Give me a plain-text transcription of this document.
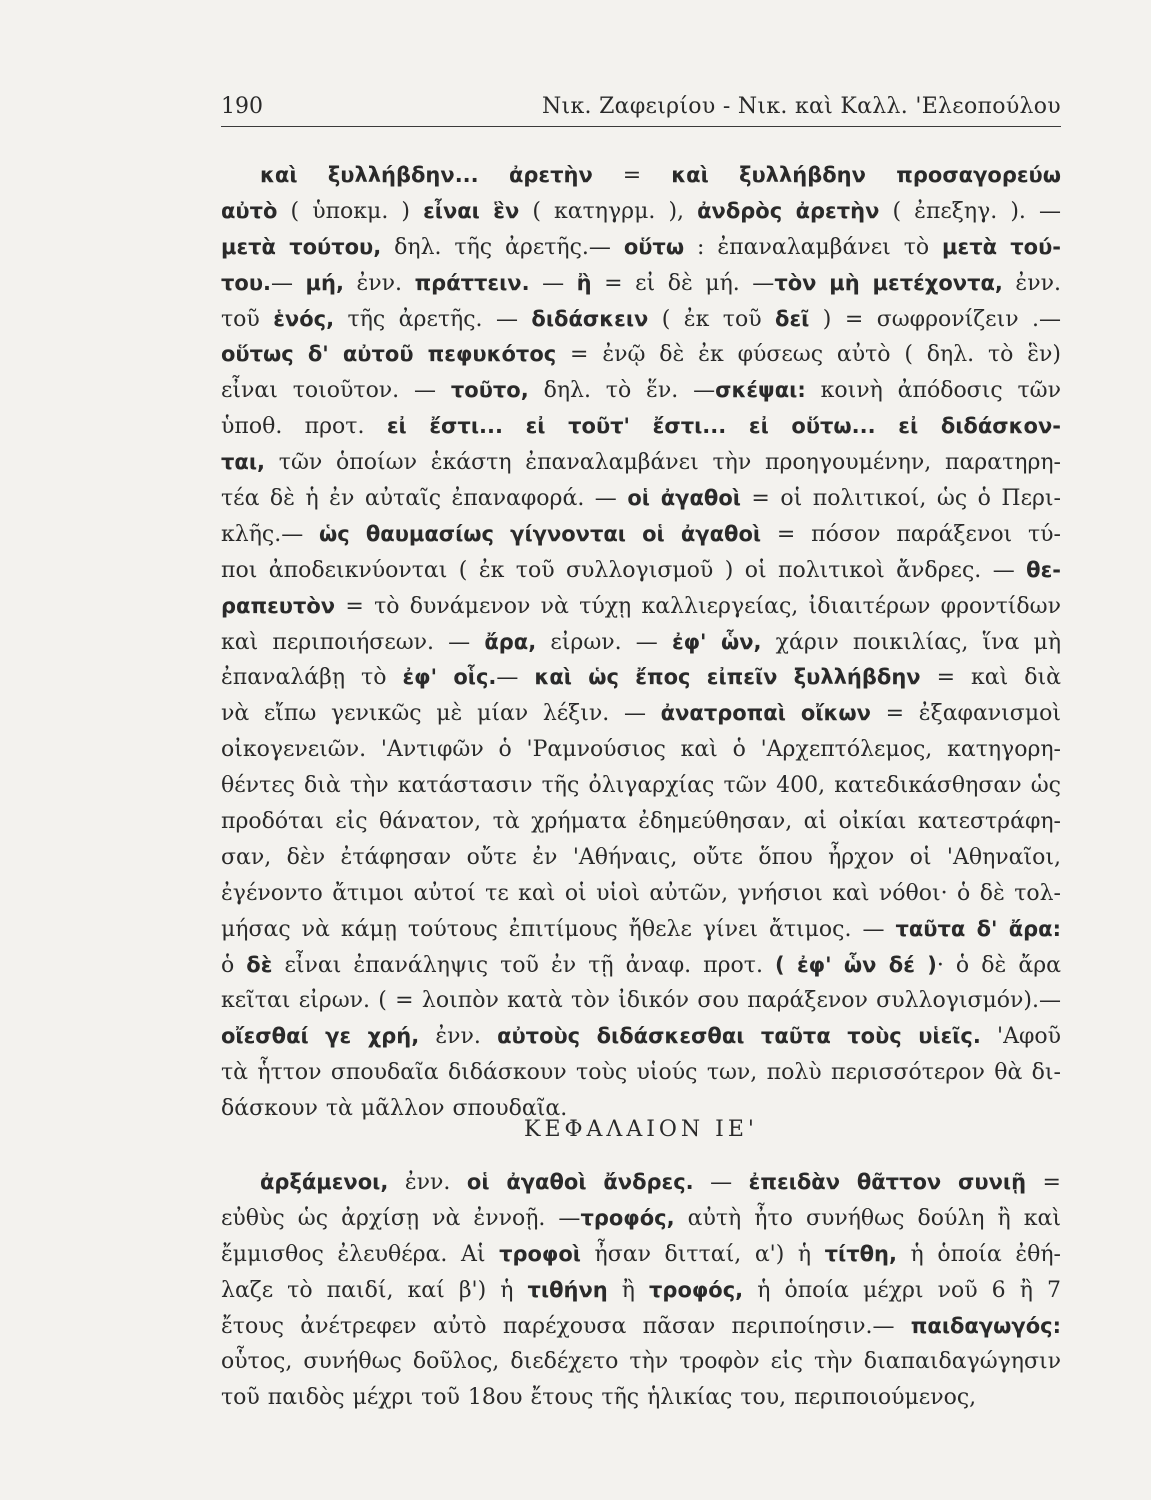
190	Νικ. Ζαφειρίου - Νικ. καὶ Καλλ. 'Ελεοπούλου
καὶ ξυλλήβδην... ἀρετὴν = καὶ ξυλλήβδην προσαγορεύω
αὐτὸ ( ὑποκμ. ) εἶναι ἓν ( κατηγρμ. ), ἀνδρὸς ἀρετὴν ( ἐπεξηγ. ). —
μετὰ τούτου, δηλ. τῆς ἀρετῆς.— οὕτω : ἐπαναλαμβάνει τὸ μετὰ τού-
του.— μή, ἐνν. πράττειν. — ἢ = εἰ δὲ μή. —τὸν μὴ μετέχοντα, ἐνν.
τοῦ ἑνός, τῆς ἀρετῆς. — διδάσκειν ( ἐκ τοῦ δεῖ ) = σωφρονίζειν .—
οὕτως δ' αὐτοῦ πεφυκότος = ἐνῷ δὲ ἐκ φύσεως αὐτὸ ( δηλ. τὸ ἓν)
εἶναι τοιοῦτον. — τοῦτο, δηλ. τὸ ἕν. —σκέψαι: κοινὴ ἀπόδοσις τῶν
ὑποθ. προτ. εἰ ἔστι... εἰ τοῦτ' ἔστι... εἰ οὕτω... εἰ διδάσκον-
ται, τῶν ὁποίων ἑκάστη ἐπαναλαμβάνει τὴν προηγουμένην, παρατηρη-
τέα δὲ ἡ ἐν αὐταῖς ἐπαναφορά. — οἱ ἀγαθοὶ = οἱ πολιτικοί, ὡς ὁ Περι-
κλῆς.— ὡς θαυμασίως γίγνονται οἱ ἀγαθοὶ = πόσον παράξενοι τύ-
ποι ἀποδεικνύονται ( ἐκ τοῦ συλλογισμοῦ ) οἱ πολιτικοὶ ἄνδρες. — θε-
ραπευτὸν = τὸ δυνάμενον νὰ τύχῃ καλλιεργείας, ἰδιαιτέρων φροντίδων
καὶ περιποιήσεων. — ἄρα, εἰρων. — ἐφ' ὧν, χάριν ποικιλίας, ἵνα μὴ
ἐπαναλάβῃ τὸ ἐφ' οἷς.— καὶ ὡς ἔπος εἰπεῖν ξυλλήβδην = καὶ διὰ
νὰ εἴπω γενικῶς μὲ μίαν λέξιν. — ἀνατροπαὶ οἴκων = ἐξαφανισμοὶ
οἰκογενειῶν. 'Αντιφῶν ὁ 'Ραμνούσιος καὶ ὁ 'Αρχεπτόλεμος, κατηγορη-
θέντες διὰ τὴν κατάστασιν τῆς ὀλιγαρχίας τῶν 400, κατεδικάσθησαν ὡς
προδόται εἰς θάνατον, τὰ χρήματα ἐδημεύθησαν, αἱ οἰκίαι κατεστράφη-
σαν, δὲν ἐτάφησαν οὔτε ἐν 'Αθήναις, οὔτε ὅπου ἦρχον οἱ 'Αθηναῖοι,
ἐγένοντο ἄτιμοι αὐτοί τε καὶ οἱ υἱοὶ αὐτῶν, γνήσιοι καὶ νόθοι· ὁ δὲ τολ-
μήσας νὰ κάμῃ τούτους ἐπιτίμους ἤθελε γίνει ἄτιμος. — ταῦτα δ' ἄρα:
ὁ δὲ εἶναι ἐπανάληψις τοῦ ἐν τῇ ἀναφ. προτ. ( ἐφ' ὧν δέ )· ὁ δὲ ἄρα
κεῖται εἰρων. ( = λοιπὸν κατὰ τὸν ἰδικόν σου παράξενον συλλογισμόν).—
οἴεσθαί γε χρή, ἐνν. αὐτοὺς διδάσκεσθαι ταῦτα τοὺς υἱεῖς. 'Αφοῦ
τὰ ἧττον σπουδαῖα διδάσκουν τοὺς υἱούς των, πολὺ περισσότερον θὰ δι-
δάσκουν τὰ μᾶλλον σπουδαῖα.
ΚΕΦΑΛΑΙΟΝ ΙΕ'
ἀρξάμενοι, ἐνν. οἱ ἀγαθοὶ ἄνδρες. — ἐπειδὰν θᾶττον συνιῇ =
εὐθὺς ὡς ἀρχίσῃ νὰ ἐννοῇ. —τροφός, αὐτὴ ἦτο συνήθως δούλη ἢ καὶ
ἔμμισθος ἐλευθέρα. Αἱ τροφοὶ ἦσαν διτταί, α') ἡ τίτθη, ἡ ὁποία ἐθή-
λαζε τὸ παιδί, καί β') ἡ τιθήνη ἢ τροφός, ἡ ὁποία μέχρι νοῦ 6 ἢ 7
ἔτους ἀνέτρεφεν αὐτὸ παρέχουσα πᾶσαν περιποίησιν.— παιδαγωγός:
οὗτος, συνήθως δοῦλος, διεδέχετο τὴν τροφὸν εἰς τὴν διαπαιδαγώγησιν
τοῦ παιδὸς μέχρι τοῦ 18ου ἔτους τῆς ἡλικίας του, περιποιούμενος,
